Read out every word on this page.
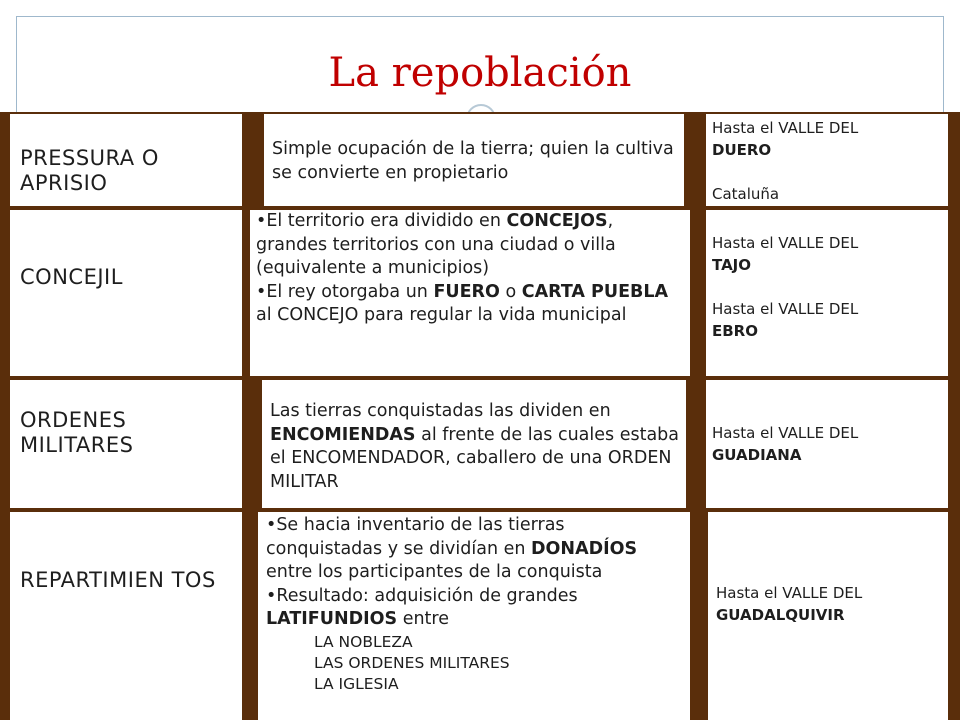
La repoblación
PRESSURA O APRISIO
Simple ocupación de la tierra; quien la cultiva se convierte en propietario
Hasta el VALLE DEL
DUERO
Cataluña
CONCEJIL
•El territorio era dividido en CONCEJOS, grandes territorios con una ciudad o villa (equivalente a municipios)
•El rey otorgaba un FUERO o CARTA PUEBLA al CONCEJO para regular la vida municipal
Hasta el VALLE DEL
TAJO
Hasta el VALLE DEL
EBRO
ORDENES MILITARES
Las tierras conquistadas las dividen en ENCOMIENDAS al frente de las cuales estaba el ENCOMENDADOR, caballero de una ORDEN MILITAR
Hasta el VALLE DEL
GUADIANA
REPARTIMIEN TOS
•Se hacia inventario de las tierras conquistadas y se dividían en DONADÍOS entre los participantes de la conquista
•Resultado: adquisición de grandes LATIFUNDIOS entre
LA NOBLEZA
LAS ORDENES MILITARES
LA IGLESIA
Hasta el VALLE DEL
GUADALQUIVIR
